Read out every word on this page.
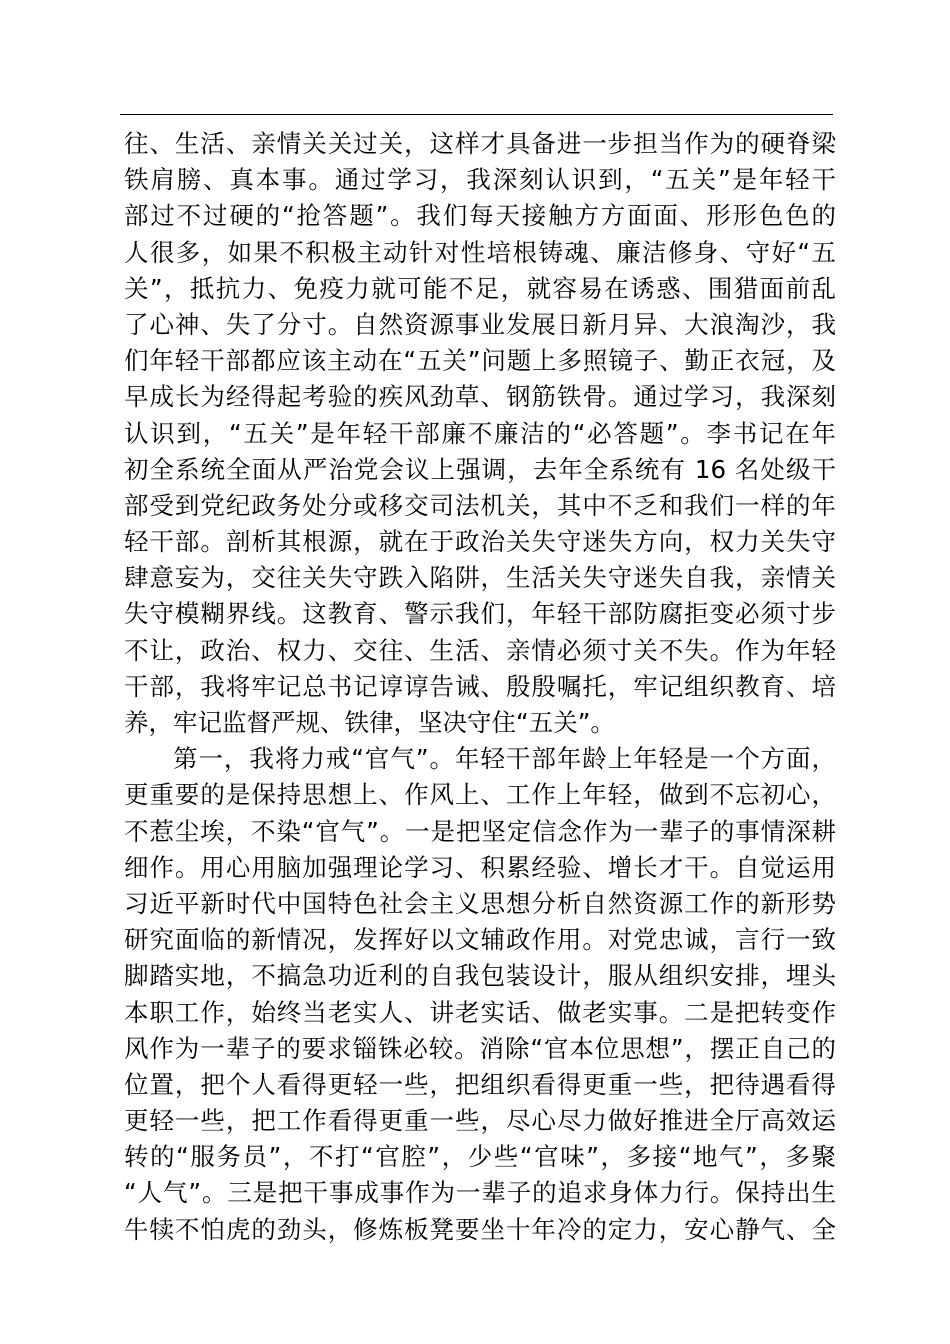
往、生活、亲情关关过关，这样才具备进一步担当作为的硬脊梁
铁肩膀、真本事。通过学习，我深刻认识到，“五关”是年轻干
部过不过硬的“抢答题”。我们每天接触方方面面、形形色色的
人很多，如果不积极主动针对性培根铸魂、廉洁修身、守好“五
关”，抵抗力、免疫力就可能不足，就容易在诱惑、围猎面前乱
了心神、失了分寸。自然资源事业发展日新月异、大浪淘沙，我
们年轻干部都应该主动在“五关”问题上多照镜子、勤正衣冠，及
早成长为经得起考验的疾风劲草、钢筋铁骨。通过学习，我深刻
认识到，“五关”是年轻干部廉不廉洁的“必答题”。李书记在年
初全系统全面从严治党会议上强调，去年全系统有 16 名处级干
部受到党纪政务处分或移交司法机关，其中不乏和我们一样的年
轻干部。剖析其根源，就在于政治关失守迷失方向，权力关失守
肆意妄为，交往关失守跌入陷阱，生活关失守迷失自我，亲情关
失守模糊界线。这教育、警示我们，年轻干部防腐拒变必须寸步
不让，政治、权力、交往、生活、亲情必须寸关不失。作为年轻
干部，我将牢记总书记谆谆告诫、殷殷嘱托，牢记组织教育、培
养，牢记监督严规、铁律，坚决守住“五关”。
第一，我将力戒“官气”。年轻干部年龄上年轻是一个方面，
更重要的是保持思想上、作风上、工作上年轻，做到不忘初心，
不惹尘埃，不染“官气”。一是把坚定信念作为一辈子的事情深耕
细作。用心用脑加强理论学习、积累经验、增长才干。自觉运用
习近平新时代中国特色社会主义思想分析自然资源工作的新形势
研究面临的新情况，发挥好以文辅政作用。对党忠诚，言行一致
脚踏实地，不搞急功近利的自我包装设计，服从组织安排，埋头
本职工作，始终当老实人、讲老实话、做老实事。二是把转变作
风作为一辈子的要求锱铢必较。消除“官本位思想”，摆正自己的
位置，把个人看得更轻一些，把组织看得更重一些，把待遇看得
更轻一些，把工作看得更重一些，尽心尽力做好推进全厅高效运
转的“服务员”，不打“官腔”，少些“官味”，多接“地气”，多聚
“人气”。三是把干事成事作为一辈子的追求身体力行。保持出生
牛犊不怕虎的劲头，修炼板凳要坐十年冷的定力，安心静气、全
